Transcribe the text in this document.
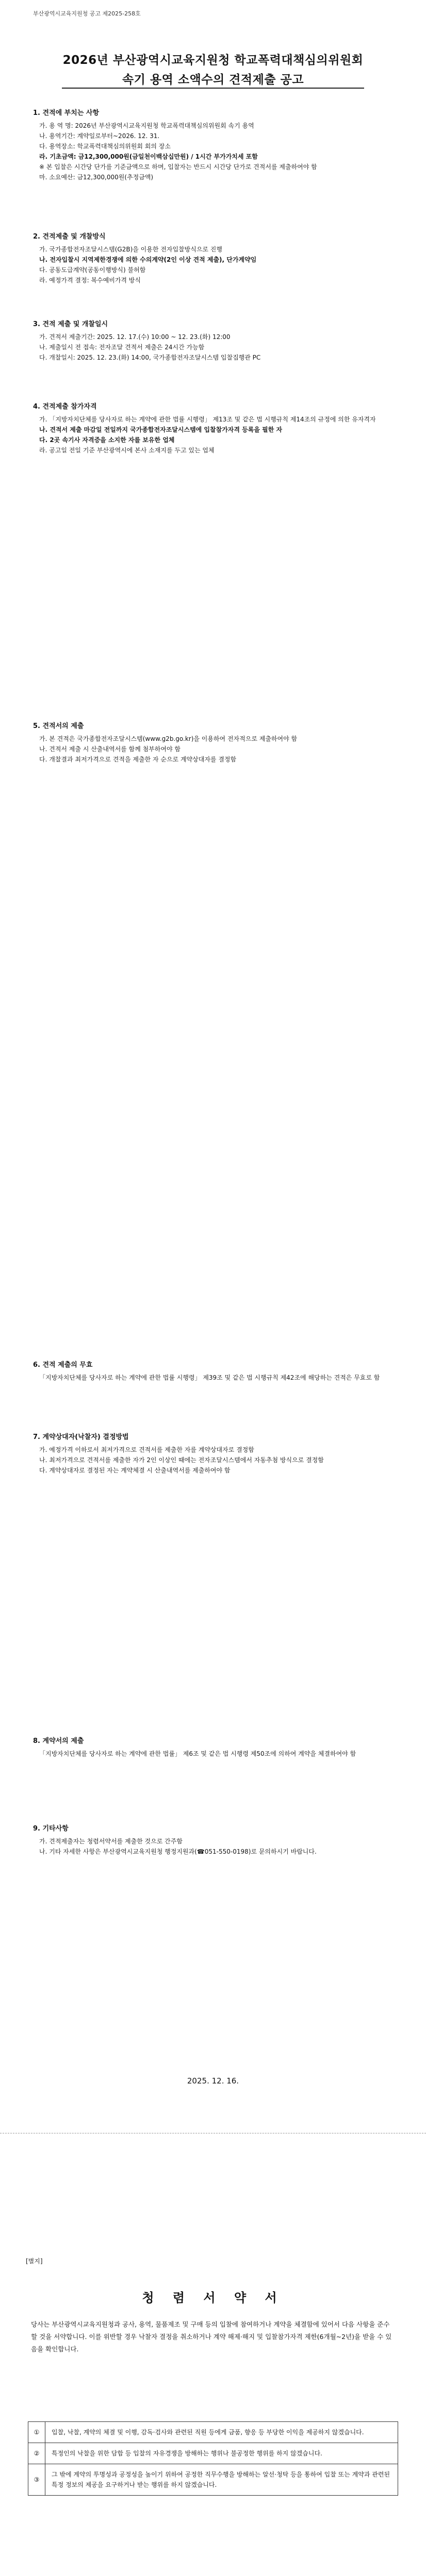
부산광역시교육지원청 공고 제2025-258호
2026년 부산광역시교육지원청 학교폭력대책심의위원회
속기 용역 소액수의 견적제출 공고
1. 견적에 부치는 사항

가. 용 역 명: 2026년 부산광역시교육지원청 학교폭력대책심의위원회 속기 용역

나. 용역기간: 계약일로부터~2026. 12. 31.

다. 용역장소: 학교폭력대책심의위원회 회의 장소

라. 기초금액: 금12,300,000원(금일천이백삼십만원) / 1시간 부가가치세 포함

※ 본 입찰은 시간당 단가를 기준금액으로 하며, 입찰자는 반드시 시간당 단가로 견적서를 제출하여야 함

마. 소요예산: 금12,300,000원(추정금액)

2. 견적제출 및 개찰방식

가. 국가종합전자조달시스템(G2B)을 이용한 전자입찰방식으로 진행

나. 전자입찰시 지역제한경쟁에 의한 수의계약(2인 이상 견적 제출), 단가계약임

다. 공동도급계약(공동이행방식) 불허함

라. 예정가격 결정: 복수예비가격 방식

3. 견적 제출 및 개찰일시

가. 견적서 제출기간: 2025. 12. 17.(수) 10:00 ~ 12. 23.(화) 12:00

나. 제출일시 전 접속: 전자조달 견적서 제출은 24시간 가능함

다. 개찰일시: 2025. 12. 23.(화) 14:00, 국가종합전자조달시스템 입찰집행관 PC

4. 견적제출 참가자격

가. 「지방자치단체를 당사자로 하는 계약에 관한 법률 시행령」 제13조 및 같은 법 시행규칙 제14조의 규정에 의한 유자격자

나. 견적서 제출 마감일 전일까지 국가종합전자조달시스템에 입찰참가자격 등록을 필한 자

다. 2곳 속기사 자격증을 소지한 자를 보유한 업체

라. 공고일 전일 기준 부산광역시에 본사 소재지를 두고 있는 업체

5. 견적서의 제출

가. 본 견적은 국가종합전자조달시스템(www.g2b.go.kr)을 이용하여 전자적으로 제출하여야 함

나. 견적서 제출 시 산출내역서를 함께 첨부하여야 함

다. 개찰결과 최저가격으로 견적을 제출한 자 순으로 계약상대자를 결정함

6. 견적 제출의 무효

「지방자치단체를 당사자로 하는 계약에 관한 법률 시행령」 제39조 및 같은 법 시행규칙 제42조에 해당하는 견적은 무효로 함

7. 계약상대자(낙찰자) 결정방법

가. 예정가격 이하로서 최저가격으로 견적서를 제출한 자를 계약상대자로 결정함

나. 최저가격으로 견적서를 제출한 자가 2인 이상인 때에는 전자조달시스템에서 자동추첨 방식으로 결정함

다. 계약상대자로 결정된 자는 계약체결 시 산출내역서를 제출하여야 함

8. 계약서의 제출

「지방자치단체를 당사자로 하는 계약에 관한 법률」 제6조 및 같은 법 시행령 제50조에 의하여 계약을 체결하여야 함

9. 기타사항

가. 견적제출자는 청렴서약서를 제출한 것으로 간주함

나. 기타 자세한 사항은 부산광역시교육지원청 행정지원과(☎051-550-0198)로 문의하시기 바랍니다.

2025. 12. 16.
[별지]
청 렴 서 약 서
당사는 부산광역시교육지원청과 공사, 용역, 물품제조 및 구매 등의 입찰에 참여하거나 계약을 체결함에 있어서 다음 사항을 준수할 것을 서약합니다. 이를 위반할 경우 낙찰자 결정을 취소하거나 계약 해제·해지 및 입찰참가자격 제한(6개월~2년)을 받을 수 있음을 확인합니다.
①	입찰, 낙찰, 계약의 체결 및 이행, 감독·검사와 관련된 직원 등에게 금품, 향응 등 부당한 이익을 제공하지 않겠습니다.
②	특정인의 낙찰을 위한 담합 등 입찰의 자유경쟁을 방해하는 행위나 불공정한 행위를 하지 않겠습니다.
③	그 밖에 계약의 투명성과 공정성을 높이기 위하여 공정한 직무수행을 방해하는 알선·청탁 등을 통하여 입찰 또는 계약과 관련된 특정 정보의 제공을 요구하거나 받는 행위를 하지 않겠습니다.
